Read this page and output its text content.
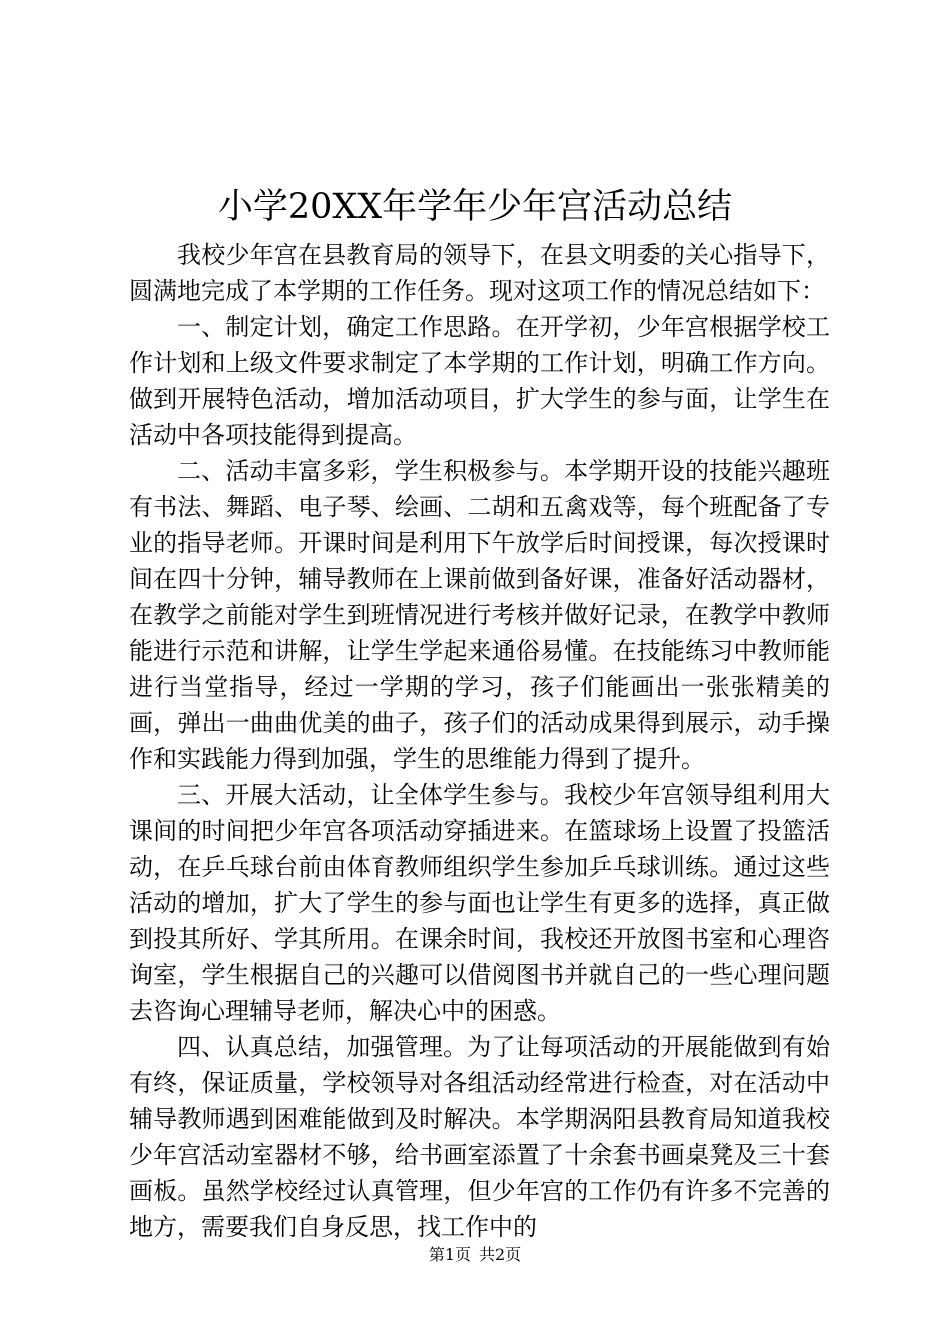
小学20XX年学年少年宫活动总结

我校少年宫在县教育局的领导下，在县文明委的关心指导下，圆满地完成了本学期的工作任务。现对这项工作的情况总结如下：

一、制定计划，确定工作思路。在开学初，少年宫根据学校工作计划和上级文件要求制定了本学期的工作计划，明确工作方向。做到开展特色活动，增加活动项目，扩大学生的参与面，让学生在活动中各项技能得到提高。

二、活动丰富多彩，学生积极参与。本学期开设的技能兴趣班有书法、舞蹈、电子琴、绘画、二胡和五禽戏等，每个班配备了专业的指导老师。开课时间是利用下午放学后时间授课，每次授课时间在四十分钟，辅导教师在上课前做到备好课，准备好活动器材，在教学之前能对学生到班情况进行考核并做好记录，在教学中教师能进行示范和讲解，让学生学起来通俗易懂。在技能练习中教师能进行当堂指导，经过一学期的学习，孩子们能画出一张张精美的画，弹出一曲曲优美的曲子，孩子们的活动成果得到展示，动手操作和实践能力得到加强，学生的思维能力得到了提升。

三、开展大活动，让全体学生参与。我校少年宫领导组利用大课间的时间把少年宫各项活动穿插进来。在篮球场上设置了投篮活动，在乒乓球台前由体育教师组织学生参加乒乓球训练。通过这些活动的增加，扩大了学生的参与面也让学生有更多的选择，真正做到投其所好、学其所用。在课余时间，我校还开放图书室和心理咨询室，学生根据自己的兴趣可以借阅图书并就自己的一些心理问题去咨询心理辅导老师，解决心中的困惑。

四、认真总结，加强管理。为了让每项活动的开展能做到有始有终，保证质量，学校领导对各组活动经常进行检查，对在活动中辅导教师遇到困难能做到及时解决。本学期涡阳县教育局知道我校少年宫活动室器材不够，给书画室添置了十余套书画桌凳及三十套画板。虽然学校经过认真管理，但少年宫的工作仍有许多不完善的地方，需要我们自身反思，找工作中的

第1页 共2页
